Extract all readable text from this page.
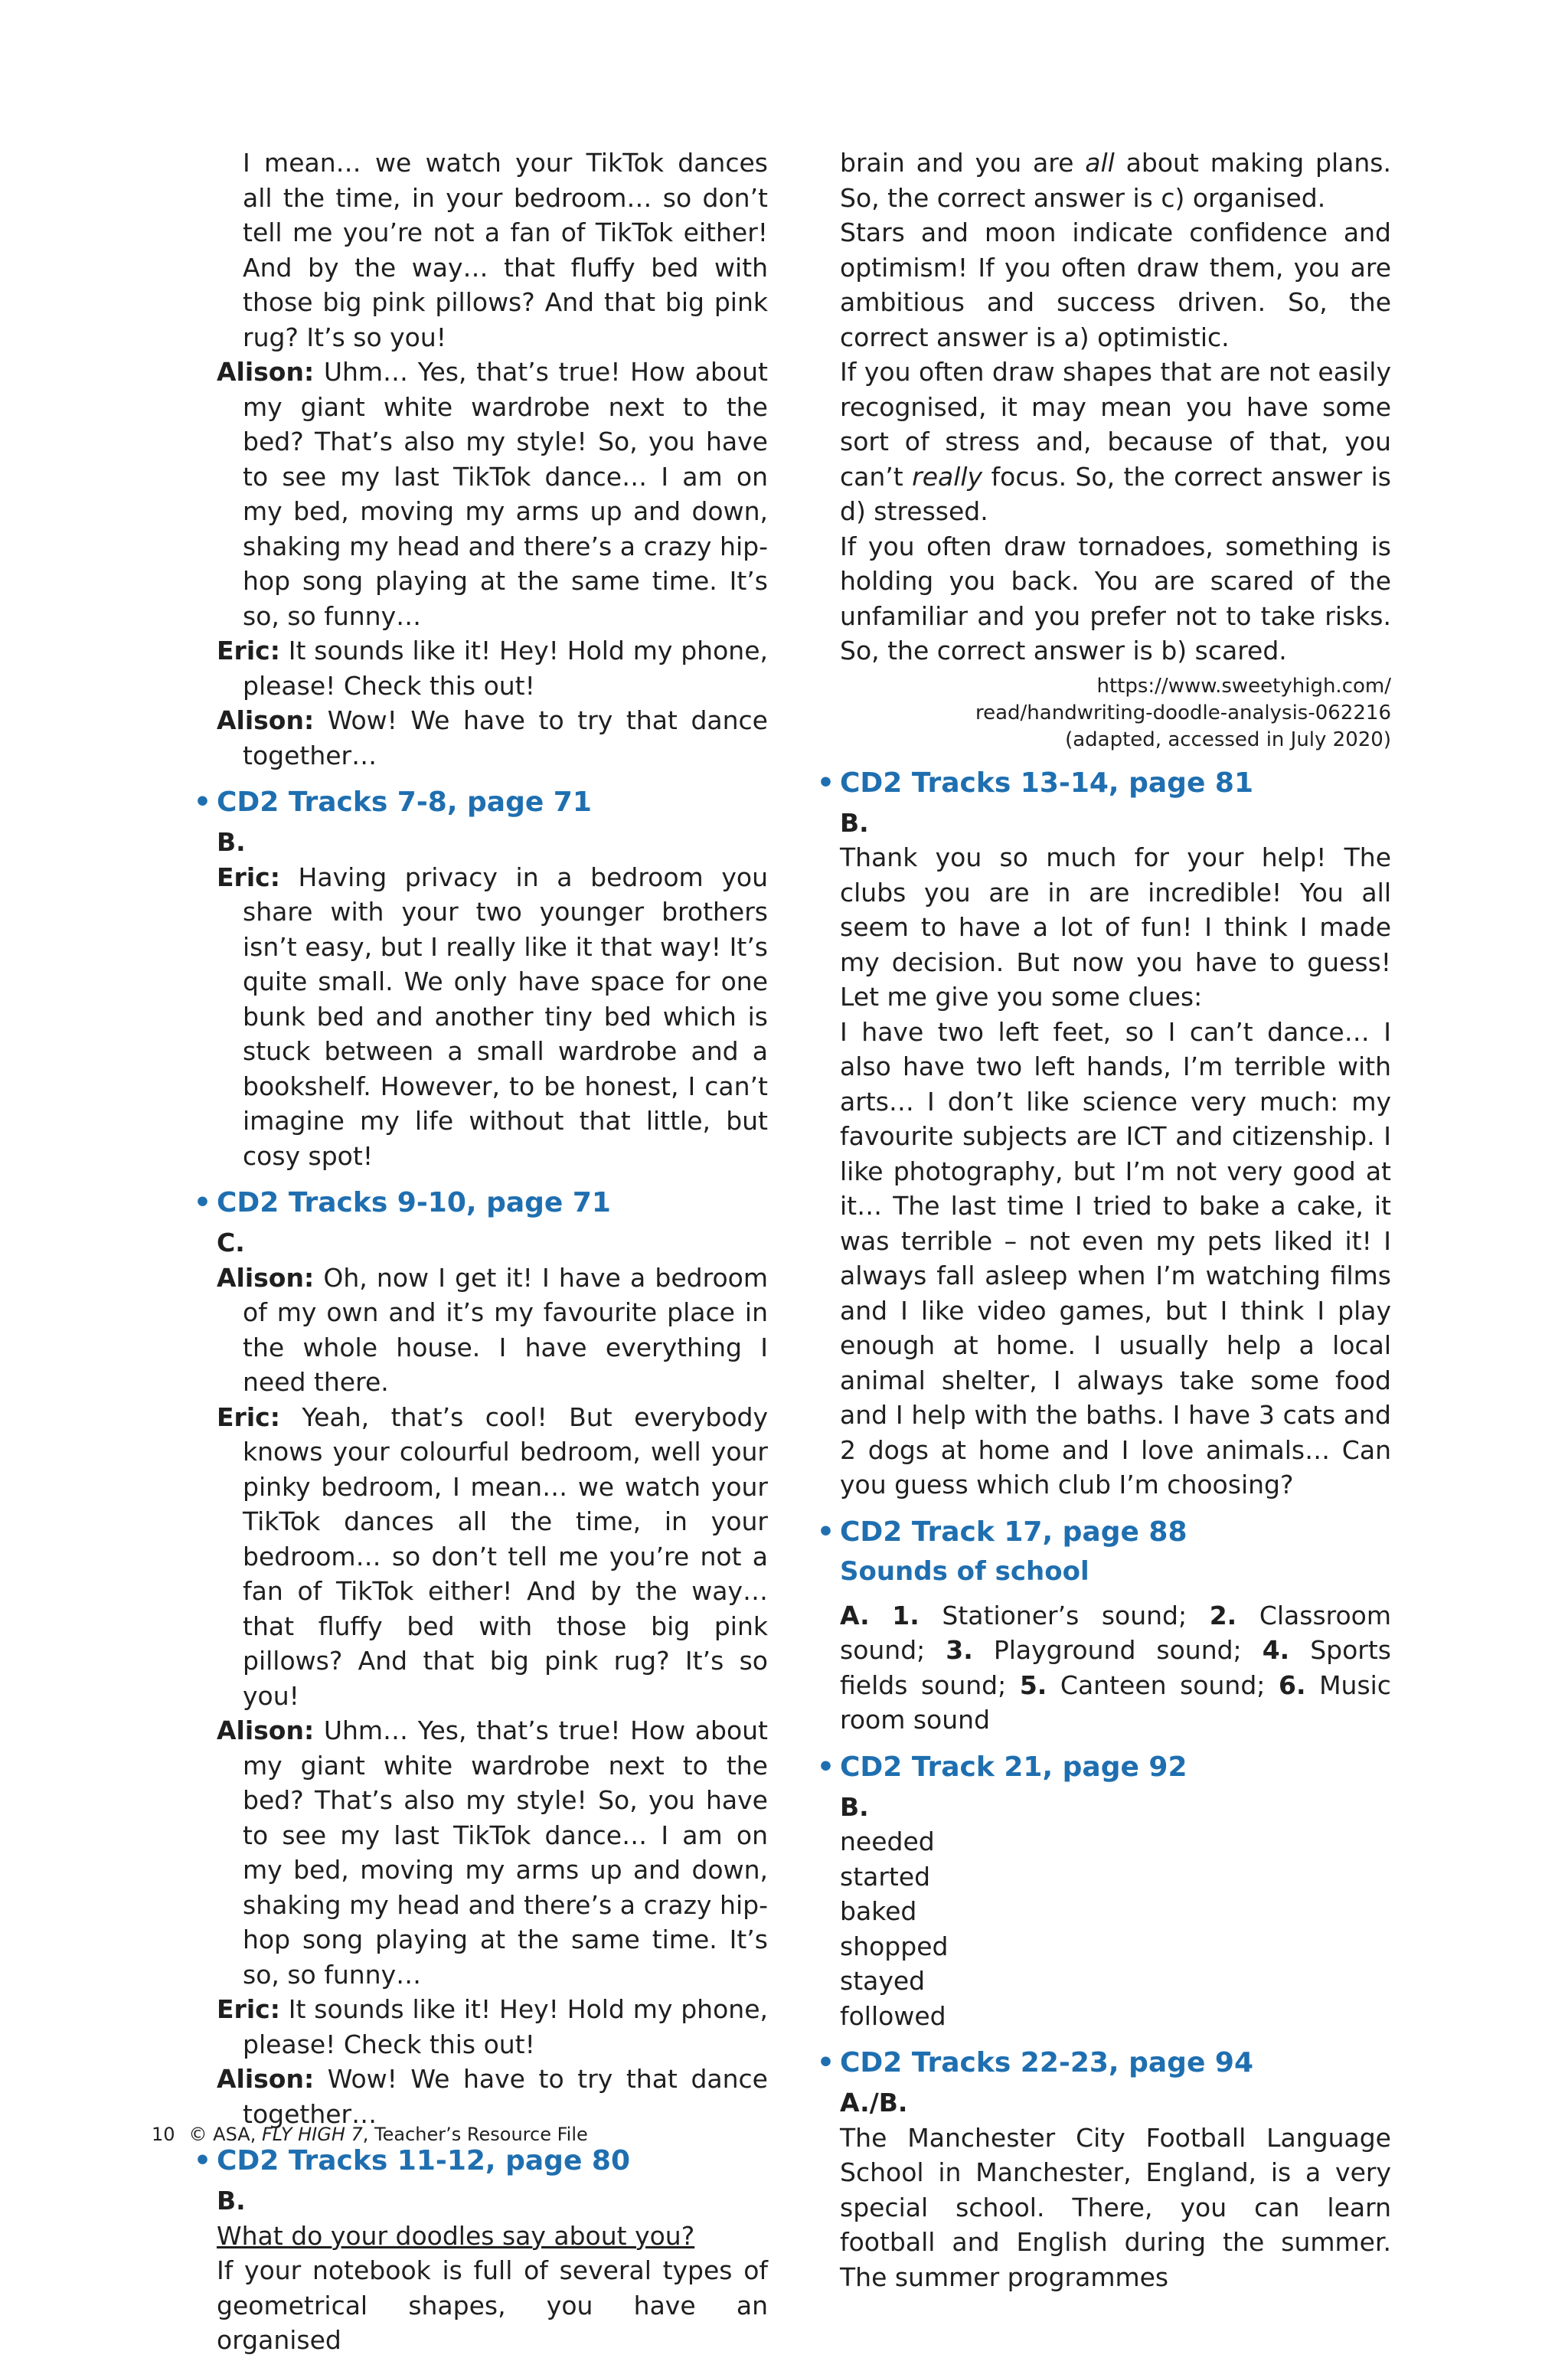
I mean… we watch your TikTok dances all the time, in your bedroom… so don’t tell me you’re not a fan of TikTok either! And by the way… that fluffy bed with those big pink pillows? And that big pink rug? It’s so you!

Alison: Uhm… Yes, that’s true! How about my giant white wardrobe next to the bed? That’s also my style! So, you have to see my last TikTok dance… I am on my bed, moving my arms up and down, shaking my head and there’s a crazy hip-hop song playing at the same time. It’s so, so funny…

Eric: It sounds like it! Hey! Hold my phone, please! Check this out!

Alison: Wow! We have to try that dance together…

• CD2 Tracks 7-8, page 71

B.

Eric: Having privacy in a bedroom you share with your two younger brothers isn’t easy, but I really like it that way! It’s quite small. We only have space for one bunk bed and another tiny bed which is stuck between a small wardrobe and a bookshelf. However, to be honest, I can’t imagine my life without that little, but cosy spot!

• CD2 Tracks 9-10, page 71

C.

Alison: Oh, now I get it! I have a bedroom of my own and it’s my favourite place in the whole house. I have everything I need there.

Eric: Yeah, that’s cool! But everybody knows your colourful bedroom, well your pinky bedroom, I mean… we watch your TikTok dances all the time, in your bedroom… so don’t tell me you’re not a fan of TikTok either! And by the way… that fluffy bed with those big pink pillows? And that big pink rug? It’s so you!

Alison: Uhm… Yes, that’s true! How about my giant white wardrobe next to the bed? That’s also my style! So, you have to see my last TikTok dance… I am on my bed, moving my arms up and down, shaking my head and there’s a crazy hip-hop song playing at the same time. It’s so, so funny…

Eric: It sounds like it! Hey! Hold my phone, please! Check this out!

Alison: Wow! We have to try that dance together…

• CD2 Tracks 11-12, page 80

B.

What do your doodles say about you?

If your notebook is full of several types of geometrical shapes, you have an organised

brain and you are all about making plans. So, the correct answer is c) organised.

Stars and moon indicate confidence and optimism! If you often draw them, you are ambitious and success driven. So, the correct answer is a) optimistic.

If you often draw shapes that are not easily recognised, it may mean you have some sort of stress and, because of that, you can’t really focus. So, the correct answer is d) stressed.

If you often draw tornadoes, something is holding you back. You are scared of the unfamiliar and you prefer not to take risks. So, the correct answer is b) scared.

https://www.sweetyhigh.com/
read/handwriting-doodle-analysis-062216
(adapted, accessed in July 2020)
• CD2 Tracks 13-14, page 81

B.

Thank you so much for your help! The clubs you are in are incredible! You all seem to have a lot of fun! I think I made my decision. But now you have to guess! Let me give you some clues:

I have two left feet, so I can’t dance… I also have two left hands, I’m terrible with arts… I don’t like science very much: my favourite subjects are ICT and citizenship. I like photography, but I’m not very good at it… The last time I tried to bake a cake, it was terrible – not even my pets liked it! I always fall asleep when I’m watching films and I like video games, but I think I play enough at home. I usually help a local animal shelter, I always take some food and I help with the baths. I have 3 cats and 2 dogs at home and I love animals… Can you guess which club I’m choosing?

• CD2 Track 17, page 88
Sounds of school

A. 1. Stationer’s sound; 2. Classroom sound; 3. Playground sound; 4. Sports fields sound; 5. Canteen sound; 6. Music room sound

• CD2 Track 21, page 92

B.

needed
started
baked
shopped
stayed
followed
• CD2 Tracks 22-23, page 94

A./B.

The Manchester City Football Language School in Manchester, England, is a very special school. There, you can learn football and English during the summer. The summer programmes

10 © ASA, FLY HIGH 7, Teacher’s Resource File
